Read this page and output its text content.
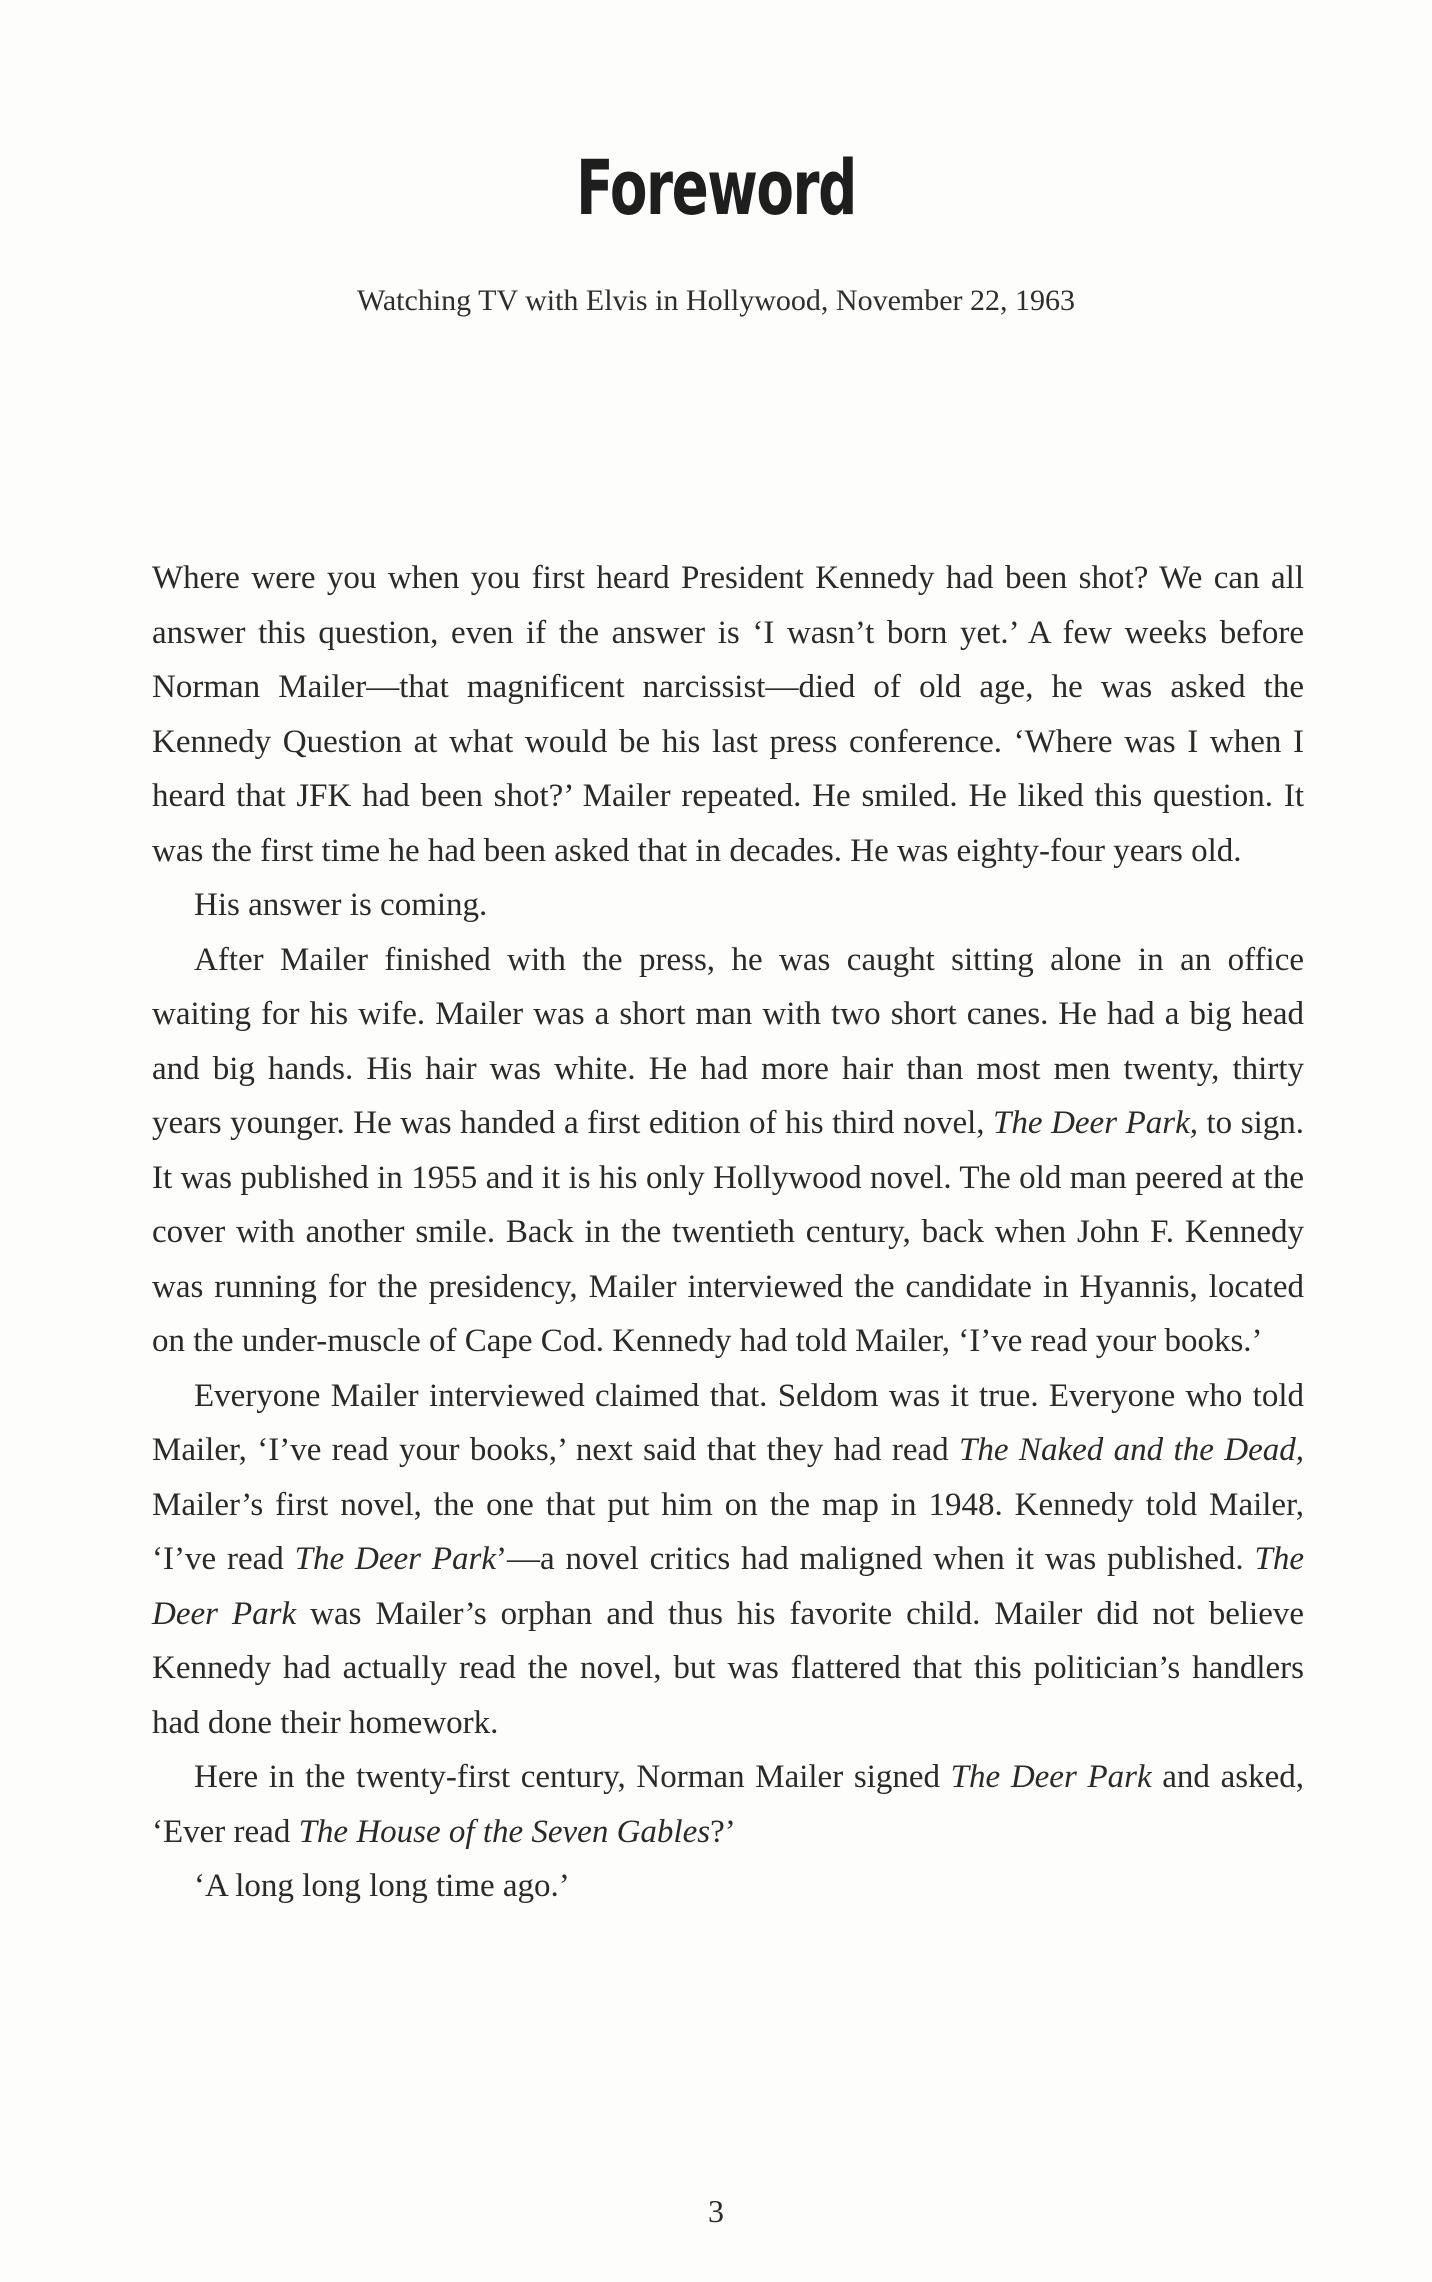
Foreword

Watching TV with Elvis in Hollywood, November 22, 1963

Where were you when you first heard President Kennedy had been shot? We can all answer this question, even if the answer is ‘I wasn’t born yet.’ A few weeks before Norman Mailer—that magnificent narcissist—died of old age, he was asked the Kennedy Question at what would be his last press conference. ‘Where was I when I heard that JFK had been shot?’ Mailer repeated. He smiled. He liked this question. It was the first time he had been asked that in decades. He was eighty-four years old.

His answer is coming.

After Mailer finished with the press, he was caught sitting alone in an office waiting for his wife. Mailer was a short man with two short canes. He had a big head and big hands. His hair was white. He had more hair than most men twenty, thirty years younger. He was handed a first edition of his third novel, The Deer Park, to sign. It was published in 1955 and it is his only Hollywood novel. The old man peered at the cover with another smile. Back in the twentieth century, back when John F. Kennedy was running for the presidency, Mailer interviewed the candidate in Hyannis, located on the under-muscle of Cape Cod. Kennedy had told Mailer, ‘I’ve read your books.’

Everyone Mailer interviewed claimed that. Seldom was it true. Everyone who told Mailer, ‘I’ve read your books,’ next said that they had read The Naked and the Dead, Mailer’s first novel, the one that put him on the map in 1948. Kennedy told Mailer, ‘I’ve read The Deer Park’—a novel critics had maligned when it was published. The Deer Park was Mailer’s orphan and thus his favorite child. Mailer did not believe Kennedy had actually read the novel, but was flattered that this politician’s handlers had done their homework.

Here in the twenty-first century, Norman Mailer signed The Deer Park and asked, ‘Ever read The House of the Seven Gables?’

‘A long long long time ago.’

3
